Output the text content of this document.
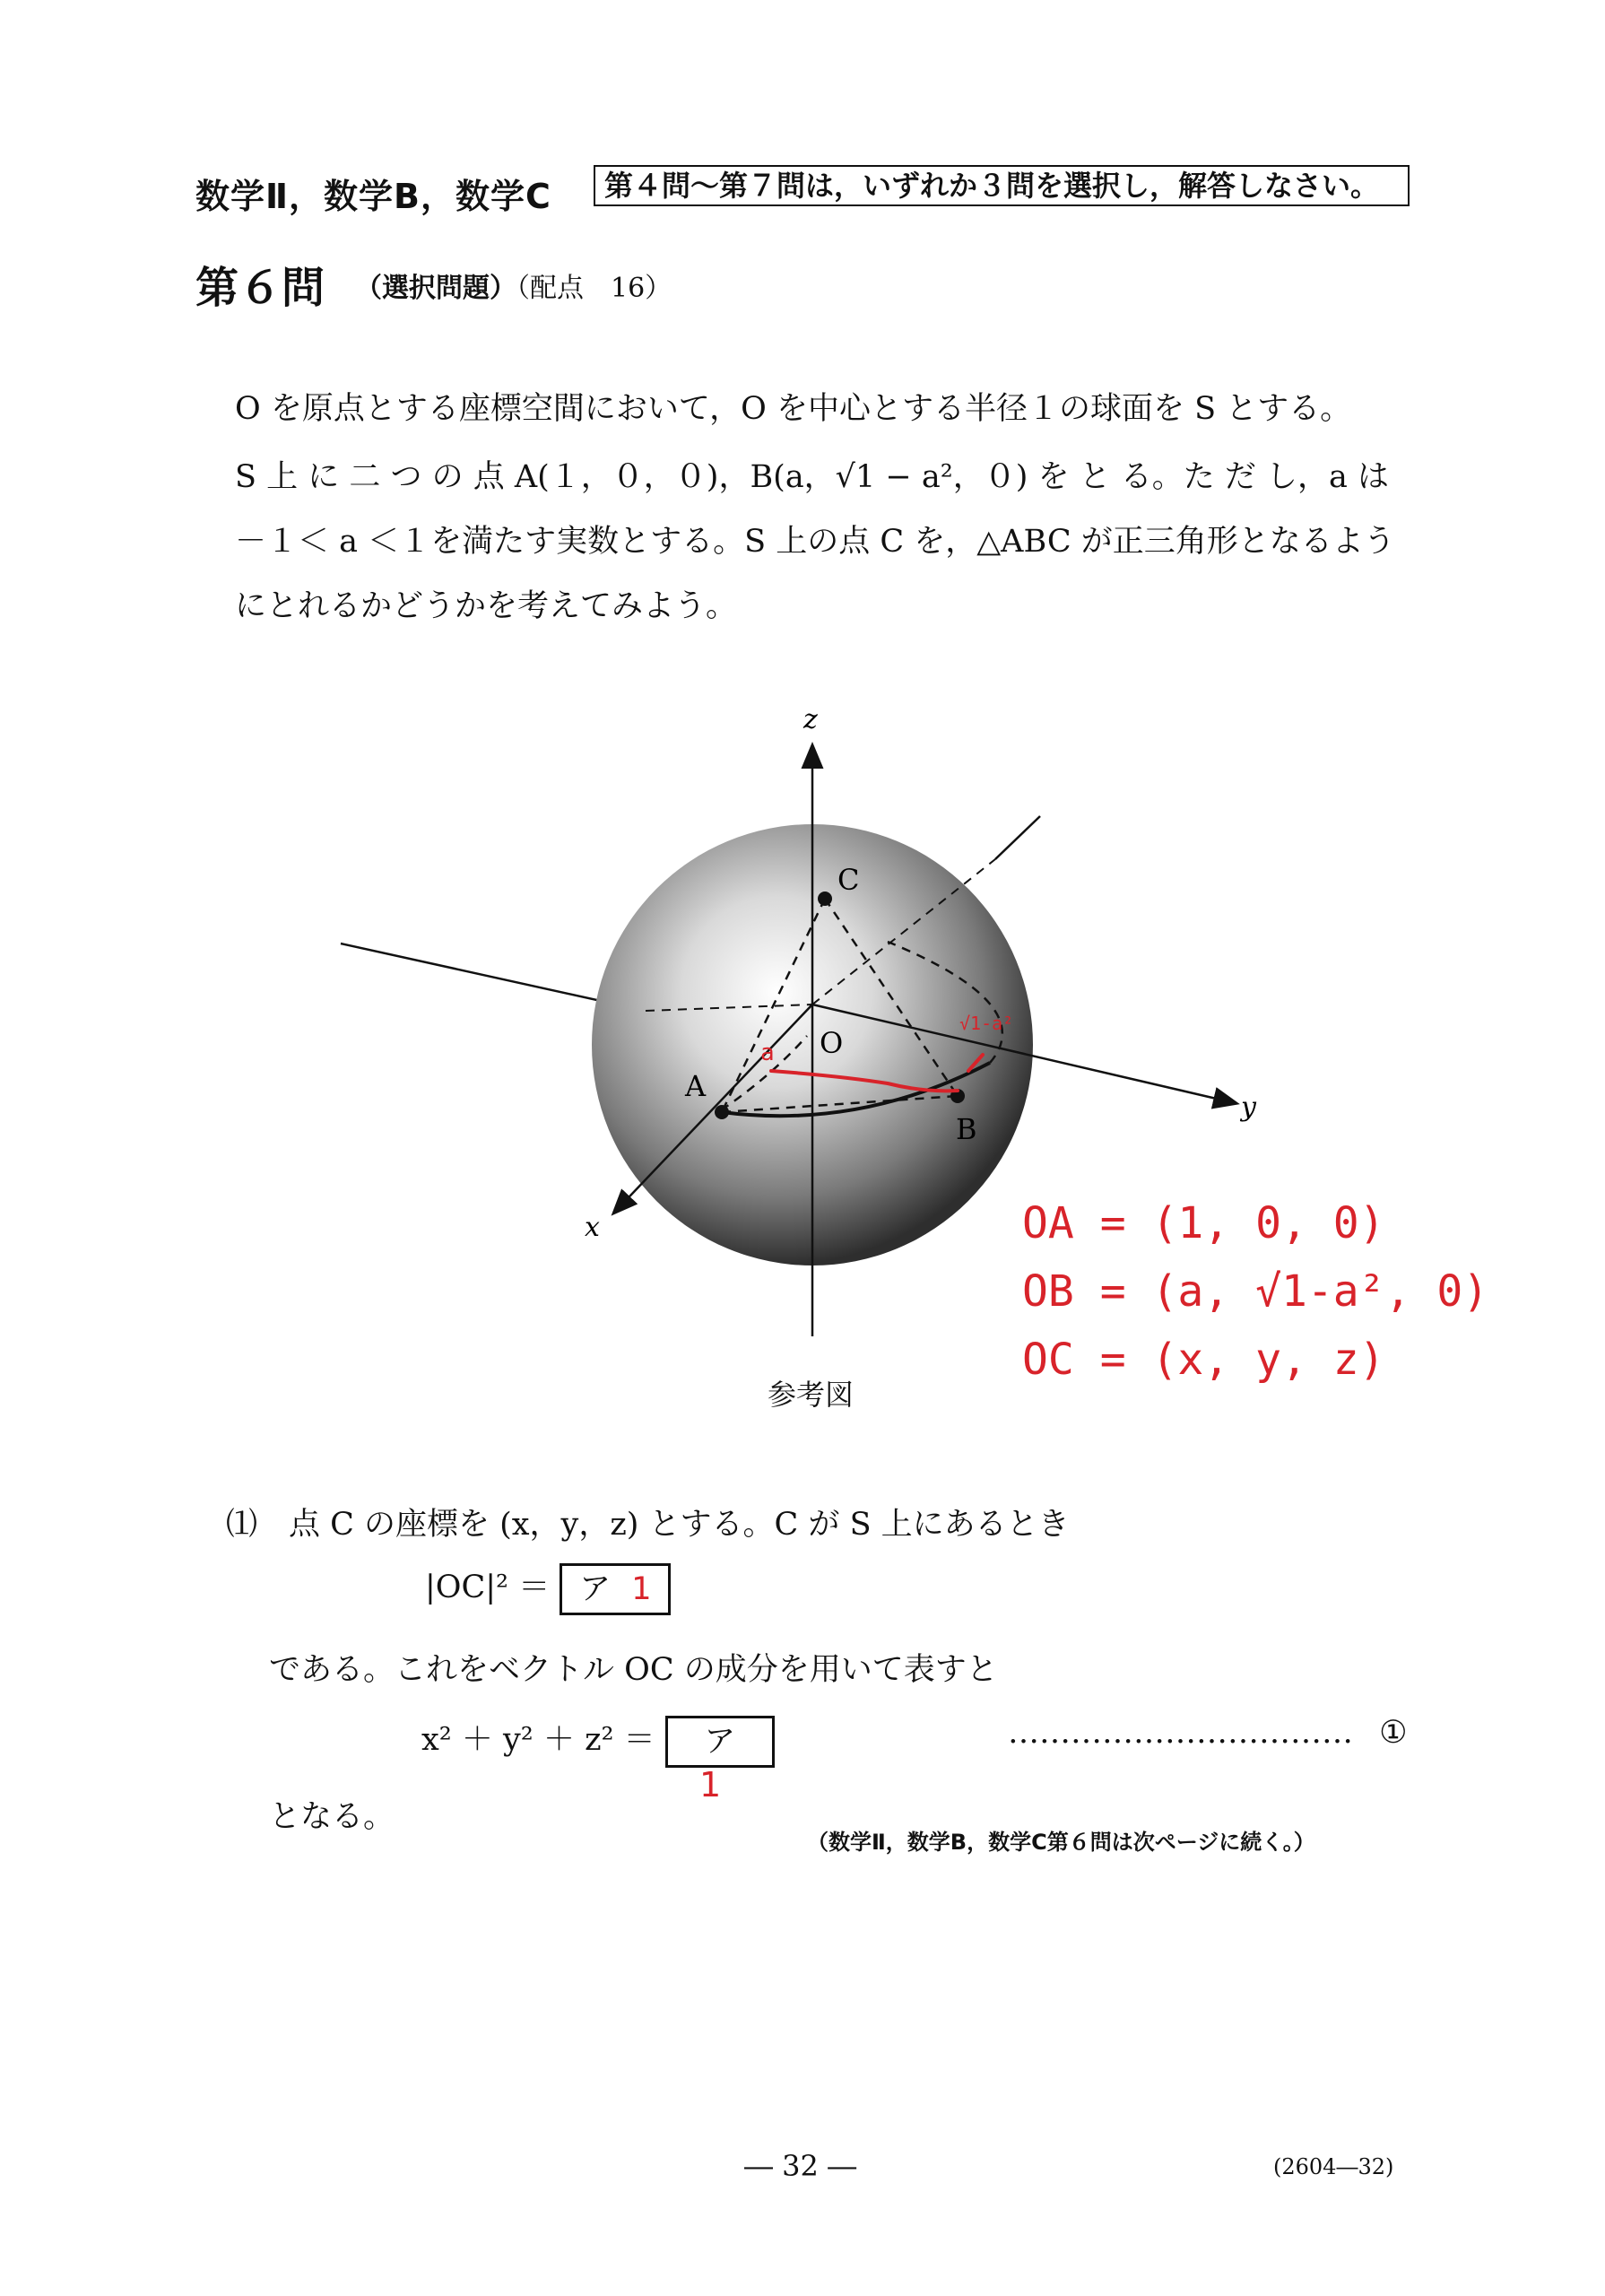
数学Ⅱ，数学B，数学C	第４問～第７問は，いずれか３問を選択し，解答しなさい。
第６問 （選択問題）（配点　16）
O を原点とする座標空間において，O を中心とする半径１の球面を S とする。
S 上 に 二 つ の 点 A(１，０，０)，B(a，√1 − a²，０) を と る。た だ し，a は
－１＜ a ＜１を満たす実数とする。S 上の点 C を，△ABC が正三角形となるよう
にとれるかどうかを考えてみよう。
z
y
x
C
O
A
B
a
√1-a²
OA = (1, 0, 0)
OB = (a, √1-a², 0)
OC = (x, y, z)
参考図
⑴　点 C の座標を (x，y，z) とする。C が S 上にあるとき
|OC|² ＝ ア 1
である。これをベクトル OC の成分を用いて表すと
x² ＋ y² ＋ z² ＝ ア
1
…………………………… ①
となる。
（数学Ⅱ，数学B，数学C第６問は次ページに続く。）
― 32 ―	(2604―32)
